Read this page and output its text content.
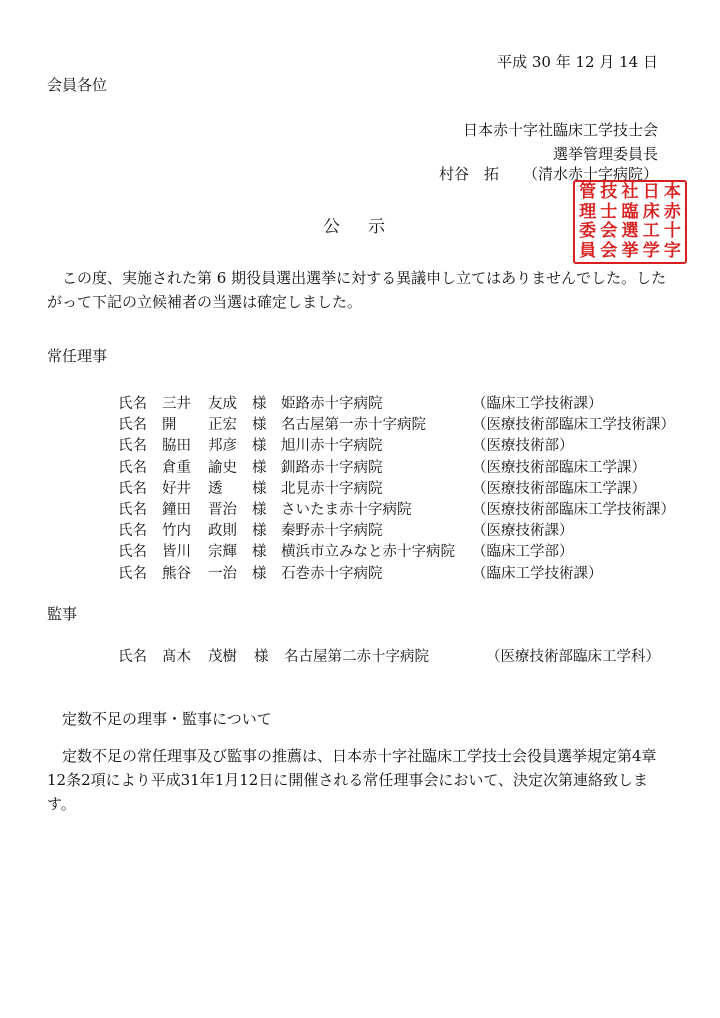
平成 30 年 12 月 14 日
会員各位
日本赤十字社臨床工学技士会
選挙管理委員長
村谷　拓 （清水赤十字病院）
管 技 社 日 本
理 士 臨 床 赤
委 会 選 工 十
員 会 挙 学 字
公示
この度、実施された第 6 期役員選出選挙に対する異議申し立てはありませんでした。したがって下記の立候補者の当選は確定しました。
常任理事
氏名 三井 友成 様 姫路赤十字病院	（臨床工学技術課）
氏名 開 正宏 様 名古屋第一赤十字病院	（医療技術部臨床工学技術課）
氏名 脇田 邦彦 様 旭川赤十字病院	（医療技術部）
氏名 倉重 諭史 様 釧路赤十字病院	（医療技術部臨床工学課）
氏名 好井 透 様 北見赤十字病院	（医療技術部臨床工学課）
氏名 鐘田 晋治 様 さいたま赤十字病院	（医療技術部臨床工学技術課）
氏名 竹内 政則 様 秦野赤十字病院	（医療技術課）
氏名 皆川 宗輝 様 横浜市立みなと赤十字病院 （臨床工学部）
氏名 熊谷 一治 様 石巻赤十字病院	（臨床工学技術課）
監事
氏名 髙木 茂樹 様 名古屋第二赤十字病院	（医療技術部臨床工学科）
定数不足の理事・監事について
定数不足の常任理事及び監事の推薦は、日本赤十字社臨床工学技士会役員選挙規定第4章12条2項により平成31年1月12日に開催される常任理事会において、決定次第連絡致します。
